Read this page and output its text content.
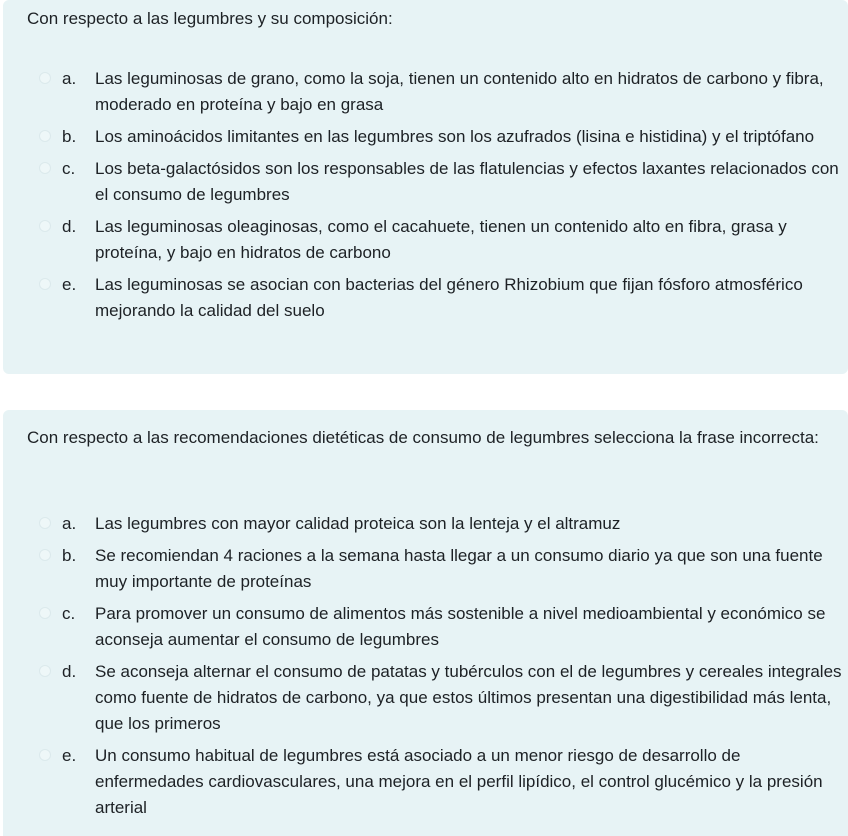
Con respecto a las legumbres y su composición:

a. Las leguminosas de grano, como la soja, tienen un contenido alto en hidratos de carbono y fibra, moderado en proteína y bajo en grasa
b. Los aminoácidos limitantes en las legumbres son los azufrados (lisina e histidina) y el triptófano
c. Los beta-galactósidos son los responsables de las flatulencias y efectos laxantes relacionados con el consumo de legumbres
d. Las leguminosas oleaginosas, como el cacahuete, tienen un contenido alto en fibra, grasa y proteína, y bajo en hidratos de carbono
e. Las leguminosas se asocian con bacterias del género Rhizobium que fijan fósforo atmosférico mejorando la calidad del suelo

Con respecto a las recomendaciones dietéticas de consumo de legumbres selecciona la frase incorrecta:

a. Las legumbres con mayor calidad proteica son la lenteja y el altramuz
b. Se recomiendan 4 raciones a la semana hasta llegar a un consumo diario ya que son una fuente muy importante de proteínas
c. Para promover un consumo de alimentos más sostenible a nivel medioambiental y económico se aconseja aumentar el consumo de legumbres
d. Se aconseja alternar el consumo de patatas y tubérculos con el de legumbres y cereales integrales como fuente de hidratos de carbono, ya que estos últimos presentan una digestibilidad más lenta, que los primeros
e. Un consumo habitual de legumbres está asociado a un menor riesgo de desarrollo de enfermedades cardiovasculares, una mejora en el perfil lipídico, el control glucémico y la presión arterial
